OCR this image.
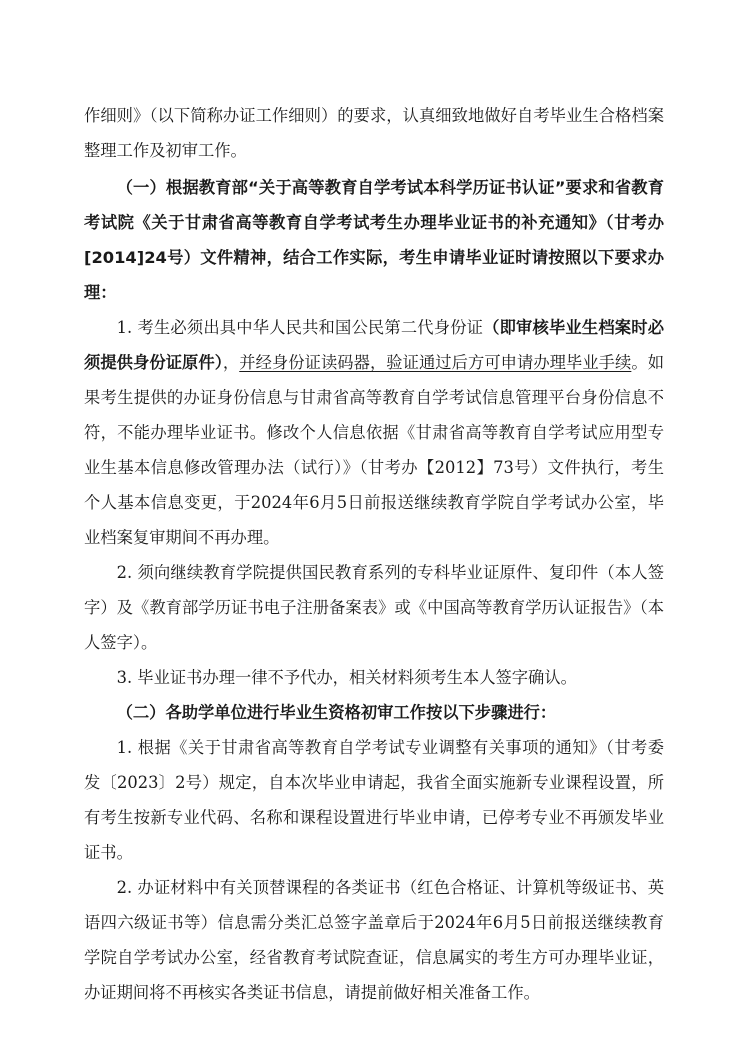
作细则》（以下简称办证工作细则）的要求，认真细致地做好自考毕业生合格档案整理工作及初审工作。

（一）根据教育部“关于高等教育自学考试本科学历证书认证”要求和省教育考试院《关于甘肃省高等教育自学考试考生办理毕业证书的补充通知》（甘考办[2014]24号）文件精神，结合工作实际，考生申请毕业证时请按照以下要求办理：

1. 考生必须出具中华人民共和国公民第二代身份证（即审核毕业生档案时必须提供身份证原件），并经身份证读码器，验证通过后方可申请办理毕业手续。如果考生提供的办证身份信息与甘肃省高等教育自学考试信息管理平台身份信息不符，不能办理毕业证书。修改个人信息依据《甘肃省高等教育自学考试应用型专业生基本信息修改管理办法（试行）》（甘考办【2012】73号）文件执行，考生个人基本信息变更，于2024年6月5日前报送继续教育学院自学考试办公室，毕业档案复审期间不再办理。

2. 须向继续教育学院提供国民教育系列的专科毕业证原件、复印件（本人签字）及《教育部学历证书电子注册备案表》或《中国高等教育学历认证报告》（本人签字）。

3. 毕业证书办理一律不予代办，相关材料须考生本人签字确认。

（二）各助学单位进行毕业生资格初审工作按以下步骤进行：

1. 根据《关于甘肃省高等教育自学考试专业调整有关事项的通知》（甘考委发〔2023〕2号）规定，自本次毕业申请起，我省全面实施新专业课程设置，所有考生按新专业代码、名称和课程设置进行毕业申请，已停考专业不再颁发毕业证书。

2. 办证材料中有关顶替课程的各类证书（红色合格证、计算机等级证书、英语四六级证书等）信息需分类汇总签字盖章后于2024年6月5日前报送继续教育学院自学考试办公室，经省教育考试院查证，信息属实的考生方可办理毕业证，办证期间将不再核实各类证书信息，请提前做好相关准备工作。
